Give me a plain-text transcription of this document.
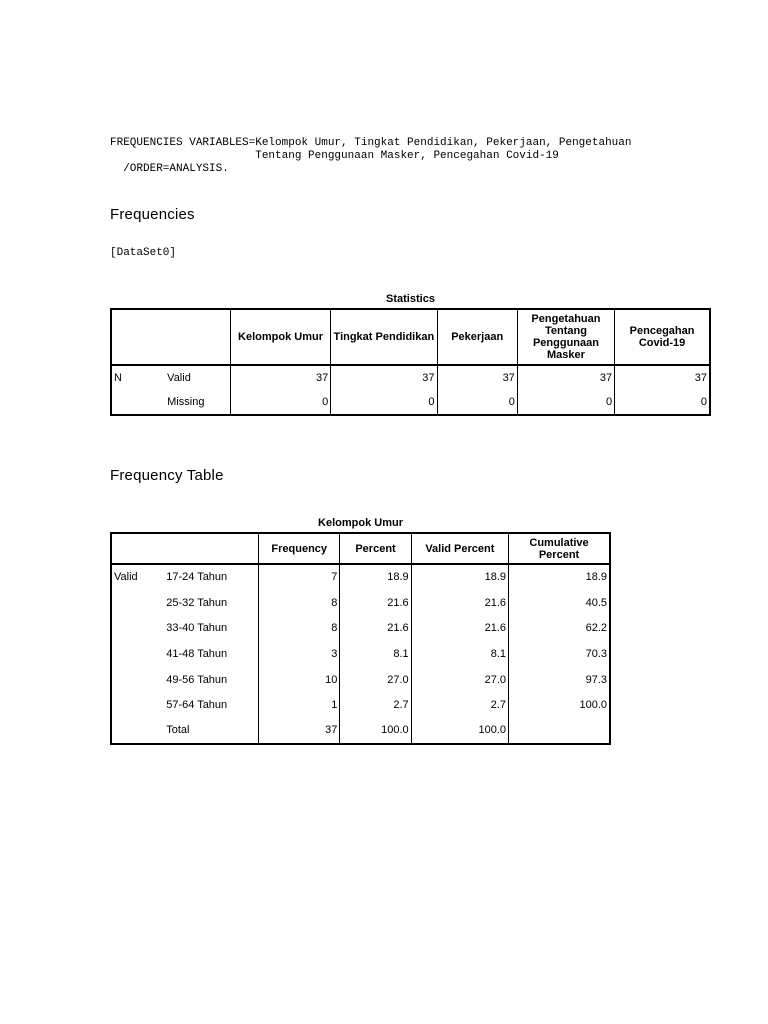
FREQUENCIES VARIABLES=Kelompok Umur, Tingkat Pendidikan, Pekerjaan, Pengetahuan
Tentang Penggunaan Masker, Pencegahan Covid-19
/ORDER=ANALYSIS.
Frequencies

[DataSet0]

Statistics
		Kelompok Umur	Tingkat Pendidikan	Pekerjaan	Pengetahuan Tentang Penggunaan Masker	Pencegahan Covid-19
N	Valid	37	37	37	37	37
	Missing	0	0	0	0	0
Frequency Table
Kelompok Umur
		Frequency	Percent	Valid Percent	Cumulative Percent
Valid	17-24 Tahun	7	18.9	18.9	18.9
	25-32 Tahun	8	21.6	21.6	40.5
	33-40 Tahun	8	21.6	21.6	62.2
	41-48 Tahun	3	8.1	8.1	70.3
	49-56 Tahun	10	27.0	27.0	97.3
	57-64 Tahun	1	2.7	2.7	100.0
	Total	37	100.0	100.0	
